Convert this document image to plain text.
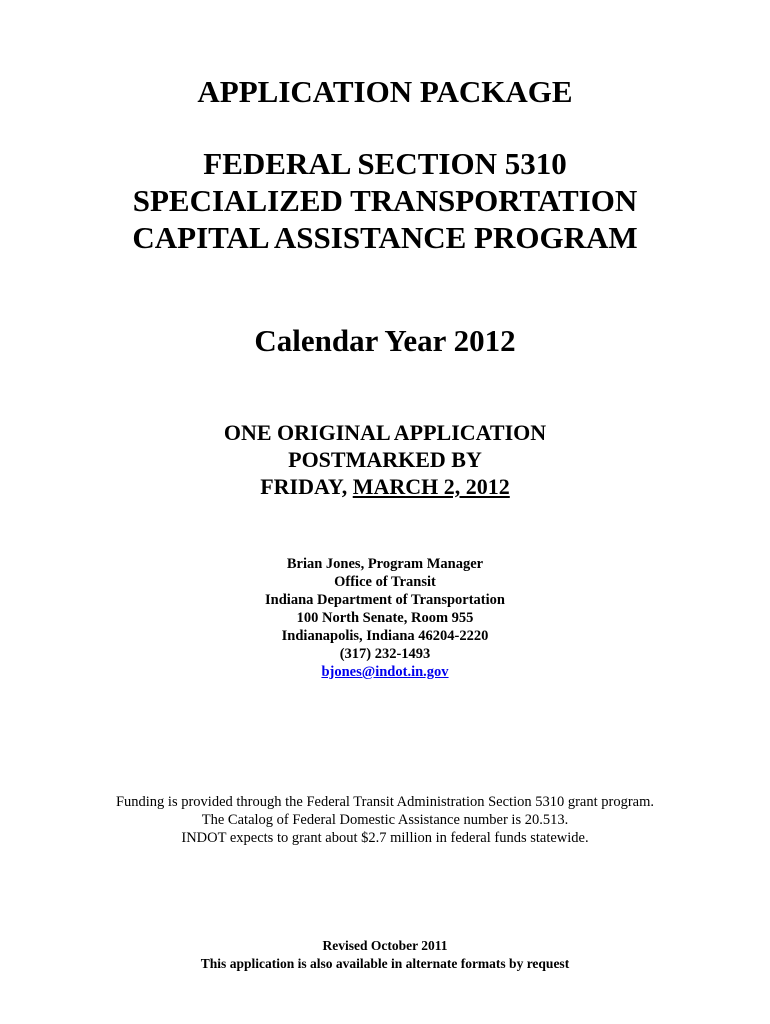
APPLICATION PACKAGE
FEDERAL SECTION 5310
SPECIALIZED TRANSPORTATION
CAPITAL ASSISTANCE PROGRAM
Calendar Year 2012
ONE ORIGINAL APPLICATION
POSTMARKED BY
FRIDAY, MARCH 2, 2012
Brian Jones, Program Manager
Office of Transit
Indiana Department of Transportation
100 North Senate, Room 955
Indianapolis, Indiana 46204-2220
(317) 232-1493
bjones@indot.in.gov
Funding is provided through the Federal Transit Administration Section 5310 grant program.
The Catalog of Federal Domestic Assistance number is 20.513.
INDOT expects to grant about $2.7 million in federal funds statewide.
Revised October 2011
This application is also available in alternate formats by request
